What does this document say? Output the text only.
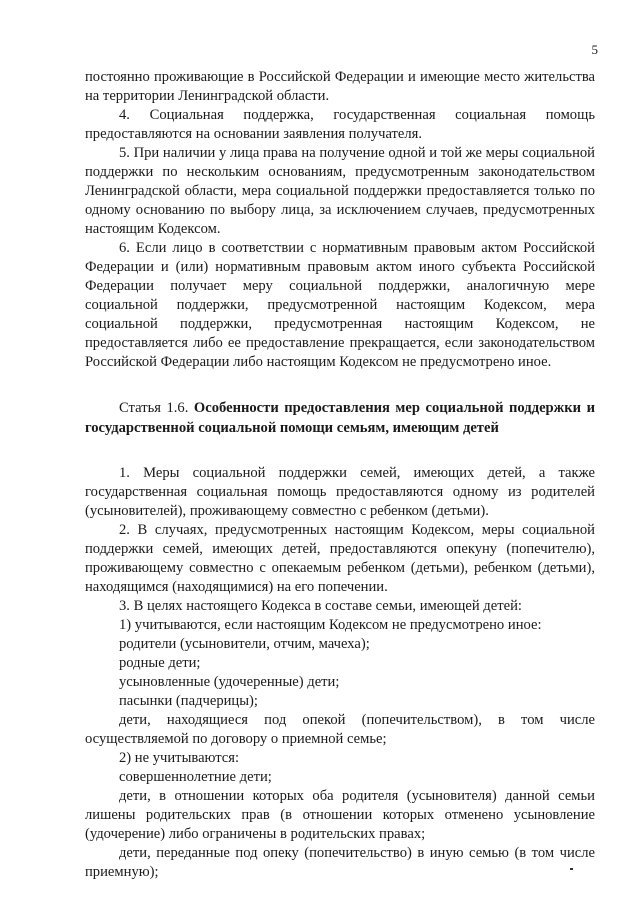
5

постоянно проживающие в Российской Федерации и имеющие место жительства на территории Ленинградской области.

4. Социальная поддержка, государственная социальная помощь предоставляются на основании заявления получателя.

5. При наличии у лица права на получение одной и той же меры социальной поддержки по нескольким основаниям, предусмотренным законодательством Ленинградской области, мера социальной поддержки предоставляется только по одному основанию по выбору лица, за исключением случаев, предусмотренных настоящим Кодексом.

6. Если лицо в соответствии с нормативным правовым актом Российской Федерации и (или) нормативным правовым актом иного субъекта Российской Федерации получает меру социальной поддержки, аналогичную мере социальной поддержки, предусмотренной настоящим Кодексом, мера социальной поддержки, предусмотренная настоящим Кодексом, не предоставляется либо ее предоставление прекращается, если законодательством Российской Федерации либо настоящим Кодексом не предусмотрено иное.

Статья 1.6. Особенности предоставления мер социальной поддержки и государственной социальной помощи семьям, имеющим детей

1. Меры социальной поддержки семей, имеющих детей, а также государственная социальная помощь предоставляются одному из родителей (усыновителей), проживающему совместно с ребенком (детьми).

2. В случаях, предусмотренных настоящим Кодексом, меры социальной поддержки семей, имеющих детей, предоставляются опекуну (попечителю), проживающему совместно с опекаемым ребенком (детьми), ребенком (детьми), находящимся (находящимися) на его попечении.

3. В целях настоящего Кодекса в составе семьи, имеющей детей:

1) учитываются, если настоящим Кодексом не предусмотрено иное:

родители (усыновители, отчим, мачеха);

родные дети;

усыновленные (удочеренные) дети;

пасынки (падчерицы);

дети, находящиеся под опекой (попечительством), в том числе осуществляемой по договору о приемной семье;

2) не учитываются:

совершеннолетние дети;

дети, в отношении которых оба родителя (усыновителя) данной семьи лишены родительских прав (в отношении которых отменено усыновление (удочерение) либо ограничены в родительских правах;

дети, переданные под опеку (попечительство) в иную семью (в том числе приемную);
